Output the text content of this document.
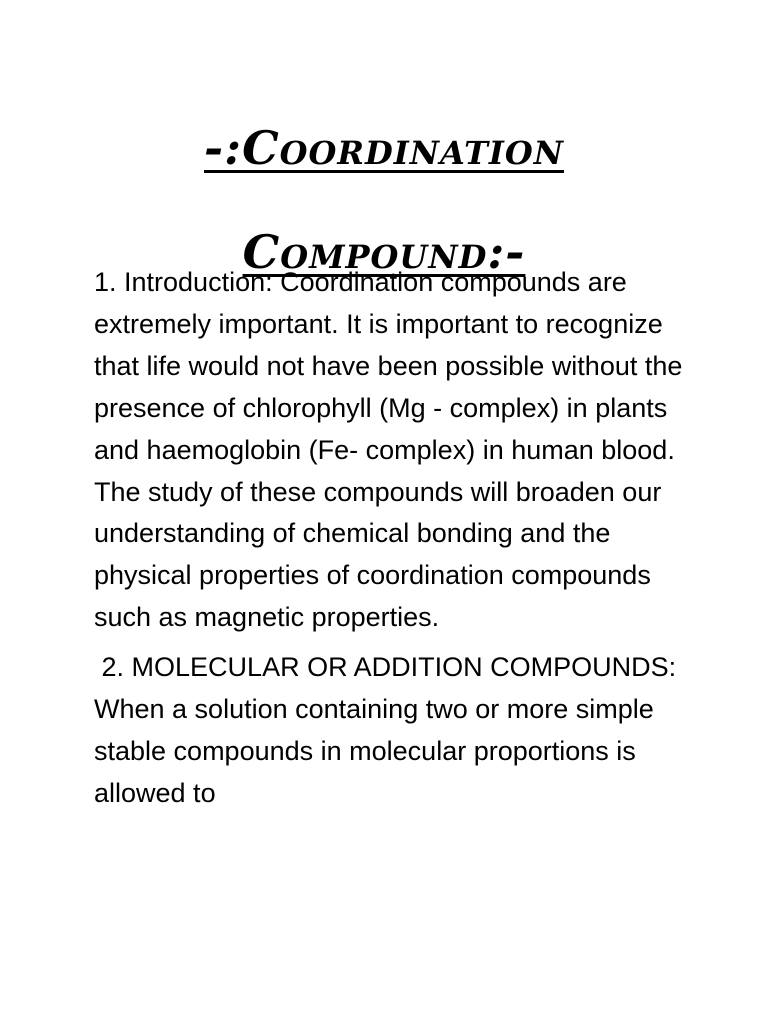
-:Coordination
Compound:-

1. Introduction: Coordination compounds are extremely important. It is important to recognize that life would not have been possible without the presence of chlorophyll (Mg - complex) in plants and haemoglobin (Fe- complex) in human blood. The study of these compounds will broaden our understanding of chemical bonding and the physical properties of coordination compounds such as magnetic properties.

2. MOLECULAR OR ADDITION COMPOUNDS: When a solution containing two or more simple stable compounds in molecular proportions is allowed to
